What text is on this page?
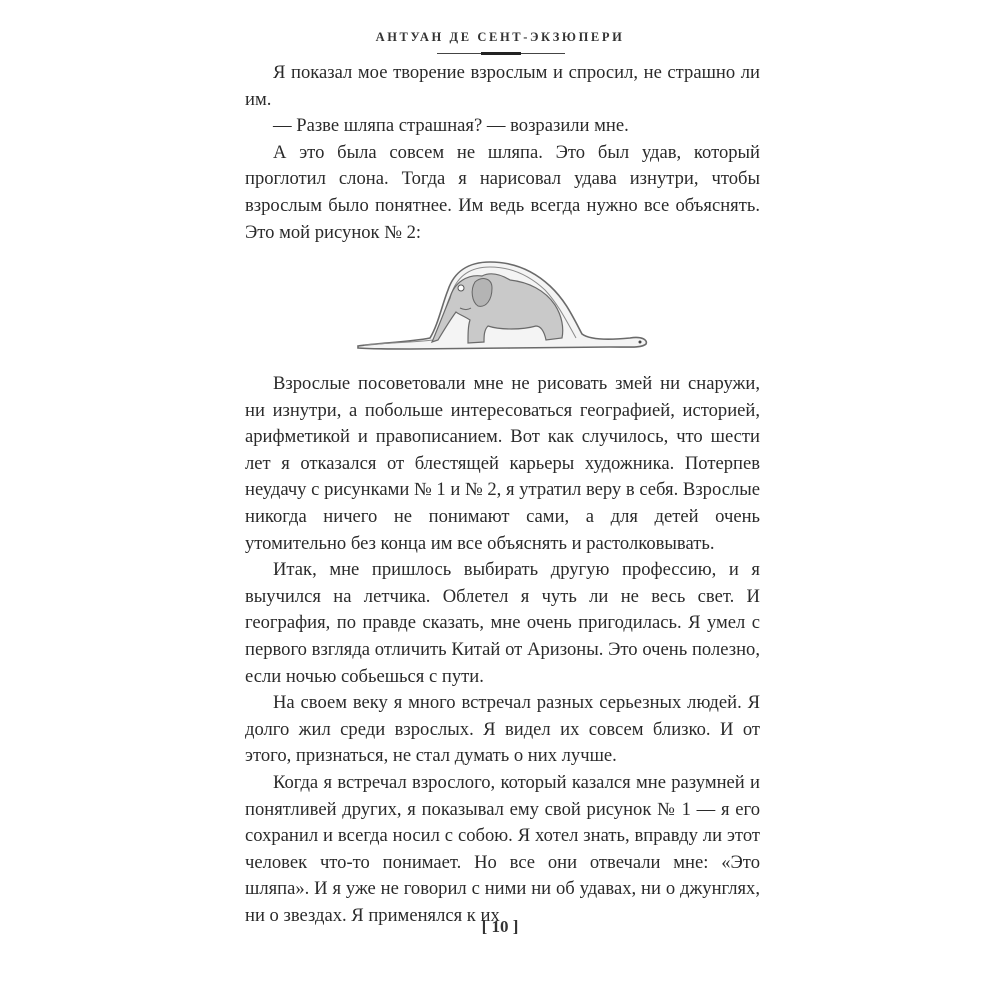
АНТУАН ДЕ СЕНТ-ЭКЗЮПЕРИ

Я показал мое творение взрослым и спросил, не страшно ли им.

— Разве шляпа страшная? — возразили мне.

А это была совсем не шляпа. Это был удав, который проглотил слона. Тогда я нарисовал удава изнутри, чтобы взрослым было понятнее. Им ведь всегда нужно все объяснять. Это мой рисунок № 2:

Взрослые посоветовали мне не рисовать змей ни снаружи, ни изнутри, а побольше интересоваться географией, историей, арифметикой и правописанием. Вот как случилось, что шести лет я отказался от блестящей карьеры художника. Потерпев неудачу с рисунками № 1 и № 2, я утратил веру в себя. Взрослые никогда ничего не понимают сами, а для детей очень утомительно без конца им все объяснять и растолковывать.

Итак, мне пришлось выбирать другую профессию, и я выучился на летчика. Облетел я чуть ли не весь свет. И география, по правде сказать, мне очень пригодилась. Я умел с первого взгляда отличить Китай от Аризоны. Это очень полезно, если ночью собьешься с пути.

На своем веку я много встречал разных серьезных людей. Я долго жил среди взрослых. Я видел их совсем близко. И от этого, признаться, не стал думать о них лучше.

Когда я встречал взрослого, который казался мне разумней и понятливей других, я показывал ему свой рисунок № 1 — я его сохранил и всегда носил с собою. Я хотел знать, вправду ли этот человек что-то понимает. Но все они отвечали мне: «Это шляпа». И я уже не говорил с ними ни об удавах, ни о джунглях, ни о звездах. Я применялся к их

[ 10 ]
